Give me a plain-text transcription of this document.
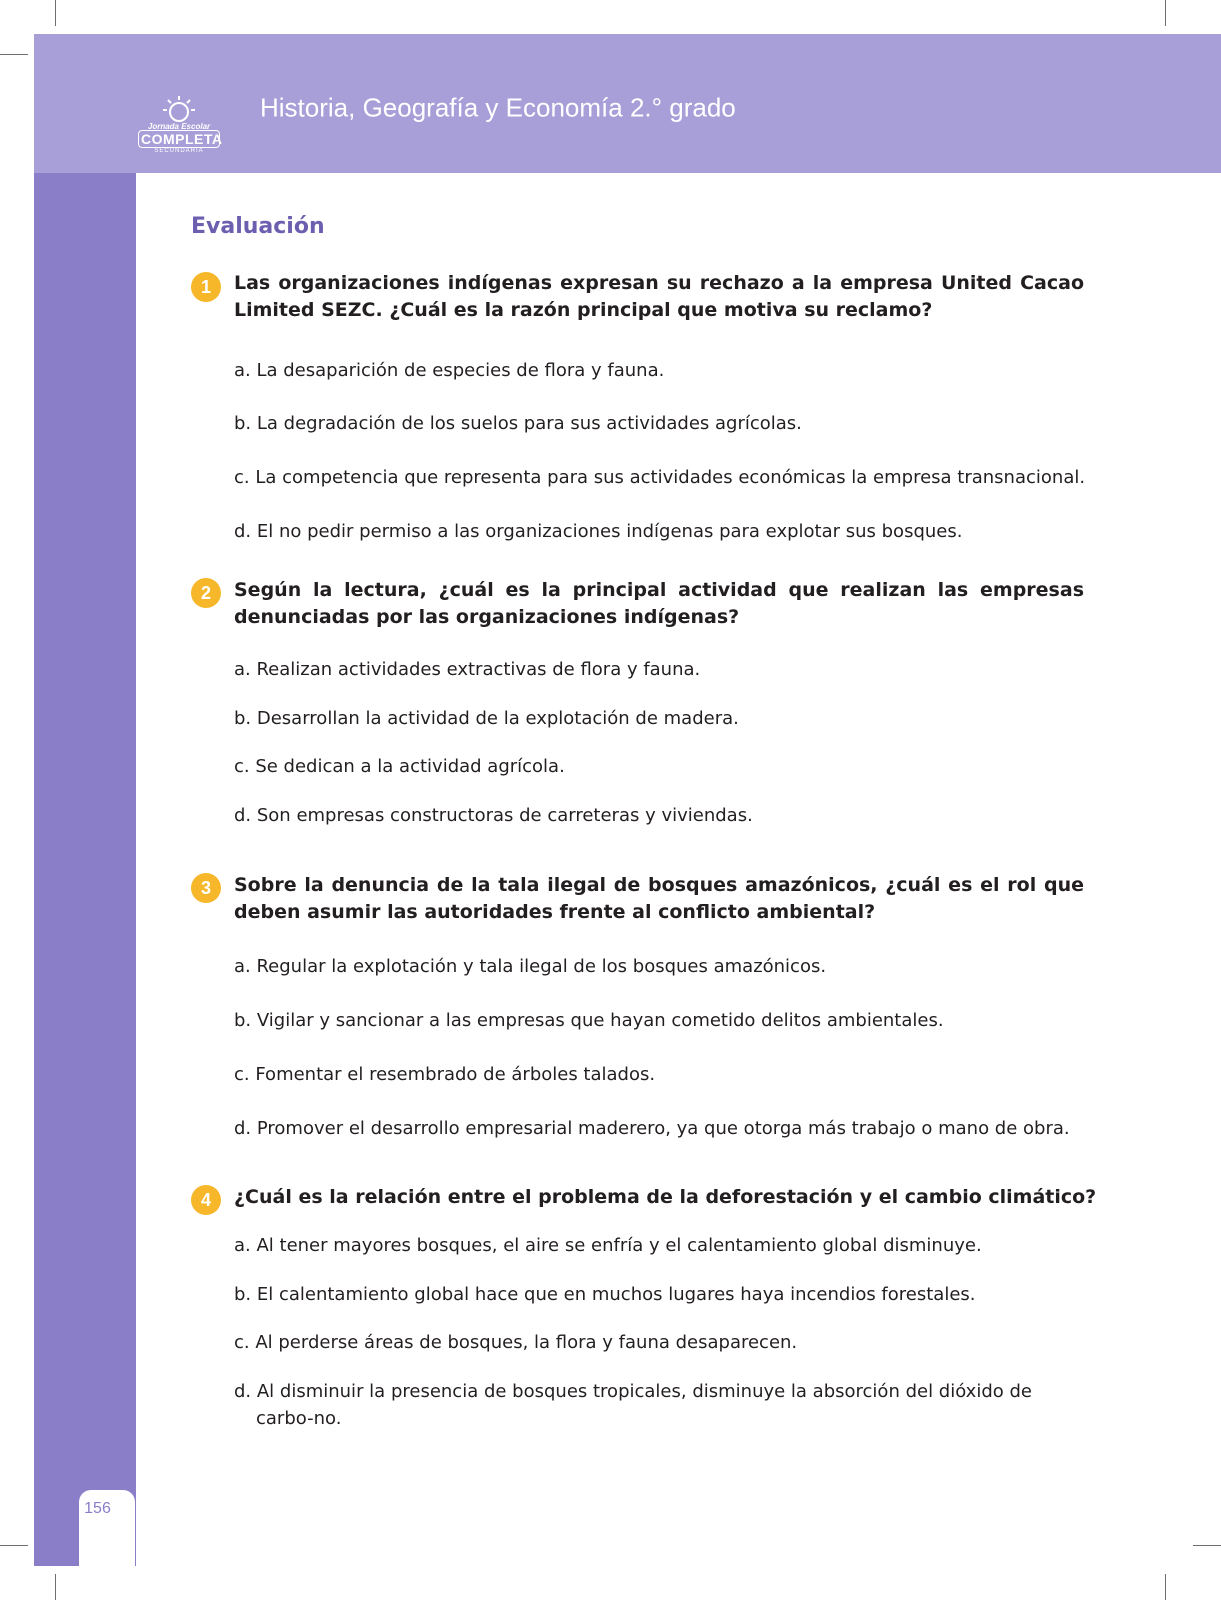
Jornada Escolar
COMPLETA
SECUNDARIA
Historia, Geografía y Economía 2.° grado
156
Evaluación
1	Las organizaciones indígenas expresan su rechazo a la empresa United Cacao Limited SEZC. ¿Cuál es la razón principal que motiva su reclamo?
a. La desaparición de especies de flora y fauna.
b. La degradación de los suelos para sus actividades agrícolas.
c. La competencia que representa para sus actividades económicas la empresa transnacional.
d. El no pedir permiso a las organizaciones indígenas para explotar sus bosques.
2	Según la lectura, ¿cuál es la principal actividad que realizan las empresas denunciadas por las organizaciones indígenas?
a. Realizan actividades extractivas de flora y fauna.
b. Desarrollan la actividad de la explotación de madera.
c. Se dedican a la actividad agrícola.
d. Son empresas constructoras de carreteras y viviendas.
3	Sobre la denuncia de la tala ilegal de bosques amazónicos, ¿cuál es el rol que deben asumir las autoridades frente al conflicto ambiental?
a. Regular la explotación y tala ilegal de los bosques amazónicos.
b. Vigilar y sancionar a las empresas que hayan cometido delitos ambientales.
c. Fomentar el resembrado de árboles talados.
d. Promover el desarrollo empresarial maderero, ya que otorga más trabajo o mano de obra.
4	¿Cuál es la relación entre el problema de la deforestación y el cambio climático?
a. Al tener mayores bosques, el aire se enfría y el calentamiento global disminuye.
b. El calentamiento global hace que en muchos lugares haya incendios forestales.
c. Al perderse áreas de bosques, la flora y fauna desaparecen.
d. Al disminuir la presencia de bosques tropicales, disminuye la absorción del dióxido de carbo-no.
